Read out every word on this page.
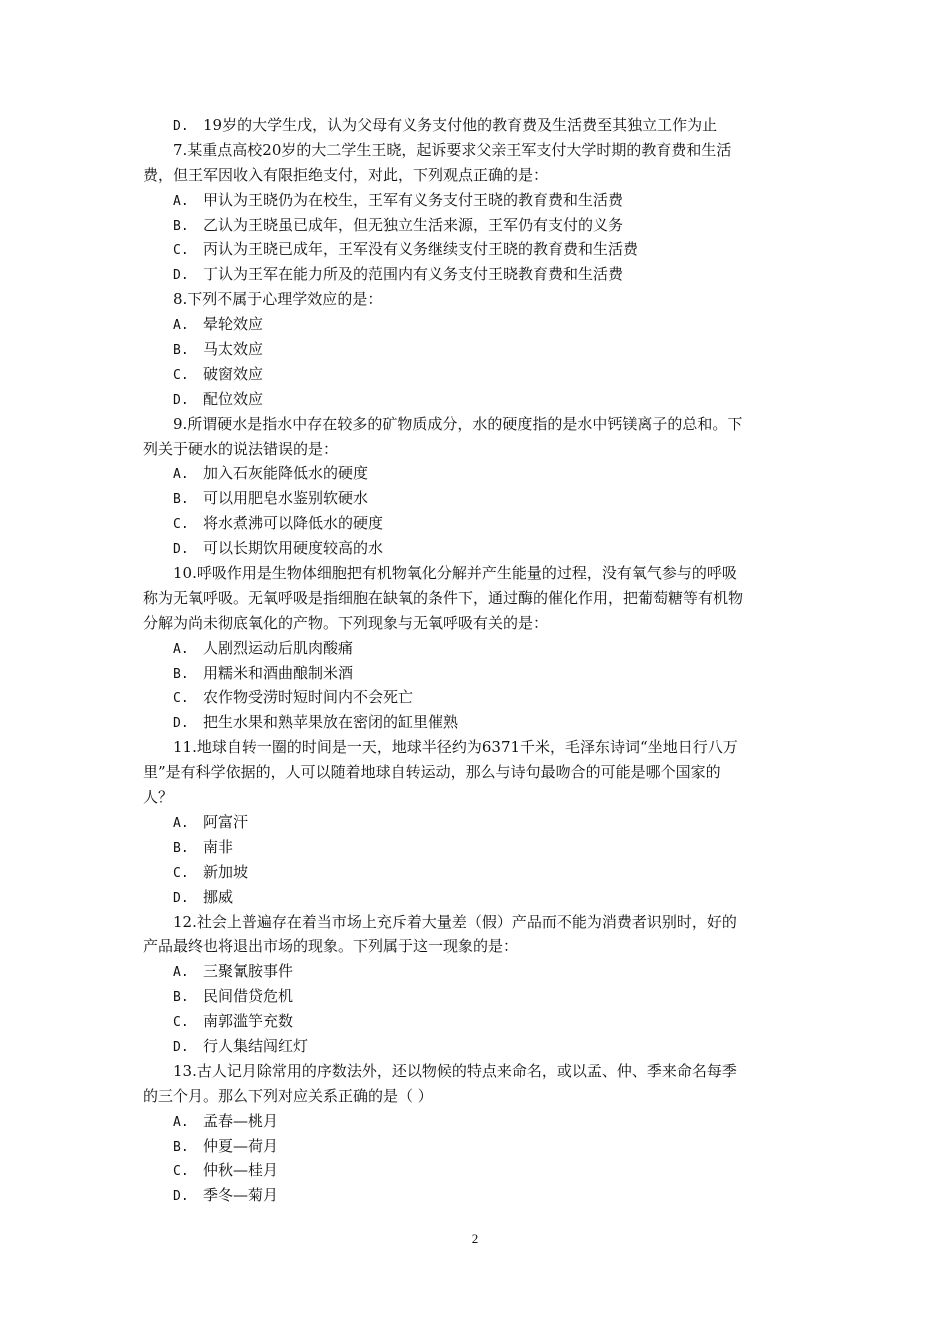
D. 19岁的大学生戊，认为父母有义务支付他的教育费及生活费至其独立工作为止
7.某重点高校20岁的大二学生王晓，起诉要求父亲王军支付大学时期的教育费和生活
费，但王军因收入有限拒绝支付，对此，下列观点正确的是：
A. 甲认为王晓仍为在校生，王军有义务支付王晓的教育费和生活费
B. 乙认为王晓虽已成年，但无独立生活来源，王军仍有支付的义务
C. 丙认为王晓已成年，王军没有义务继续支付王晓的教育费和生活费
D. 丁认为王军在能力所及的范围内有义务支付王晓教育费和生活费
8.下列不属于心理学效应的是：
A. 晕轮效应
B. 马太效应
C. 破窗效应
D. 配位效应
9.所谓硬水是指水中存在较多的矿物质成分，水的硬度指的是水中钙镁离子的总和。下
列关于硬水的说法错误的是：
A. 加入石灰能降低水的硬度
B. 可以用肥皂水鉴别软硬水
C. 将水煮沸可以降低水的硬度
D. 可以长期饮用硬度较高的水
10.呼吸作用是生物体细胞把有机物氧化分解并产生能量的过程，没有氧气参与的呼吸
称为无氧呼吸。无氧呼吸是指细胞在缺氧的条件下，通过酶的催化作用，把葡萄糖等有机物
分解为尚未彻底氧化的产物。下列现象与无氧呼吸有关的是：
A. 人剧烈运动后肌肉酸痛
B. 用糯米和酒曲酿制米酒
C. 农作物受涝时短时间内不会死亡
D. 把生水果和熟苹果放在密闭的缸里催熟
11.地球自转一圈的时间是一天，地球半径约为6371千米，毛泽东诗词“坐地日行八万
里”是有科学依据的，人可以随着地球自转运动，那么与诗句最吻合的可能是哪个国家的
人？
A. 阿富汗
B. 南非
C. 新加坡
D. 挪威
12.社会上普遍存在着当市场上充斥着大量差（假）产品而不能为消费者识别时，好的
产品最终也将退出市场的现象。下列属于这一现象的是：
A. 三聚氰胺事件
B. 民间借贷危机
C. 南郭滥竽充数
D. 行人集结闯红灯
13.古人记月除常用的序数法外，还以物候的特点来命名，或以孟、仲、季来命名每季
的三个月。那么下列对应关系正确的是（ ）
A. 孟春—桃月
B. 仲夏—荷月
C. 仲秋—桂月
D. 季冬—菊月
2
